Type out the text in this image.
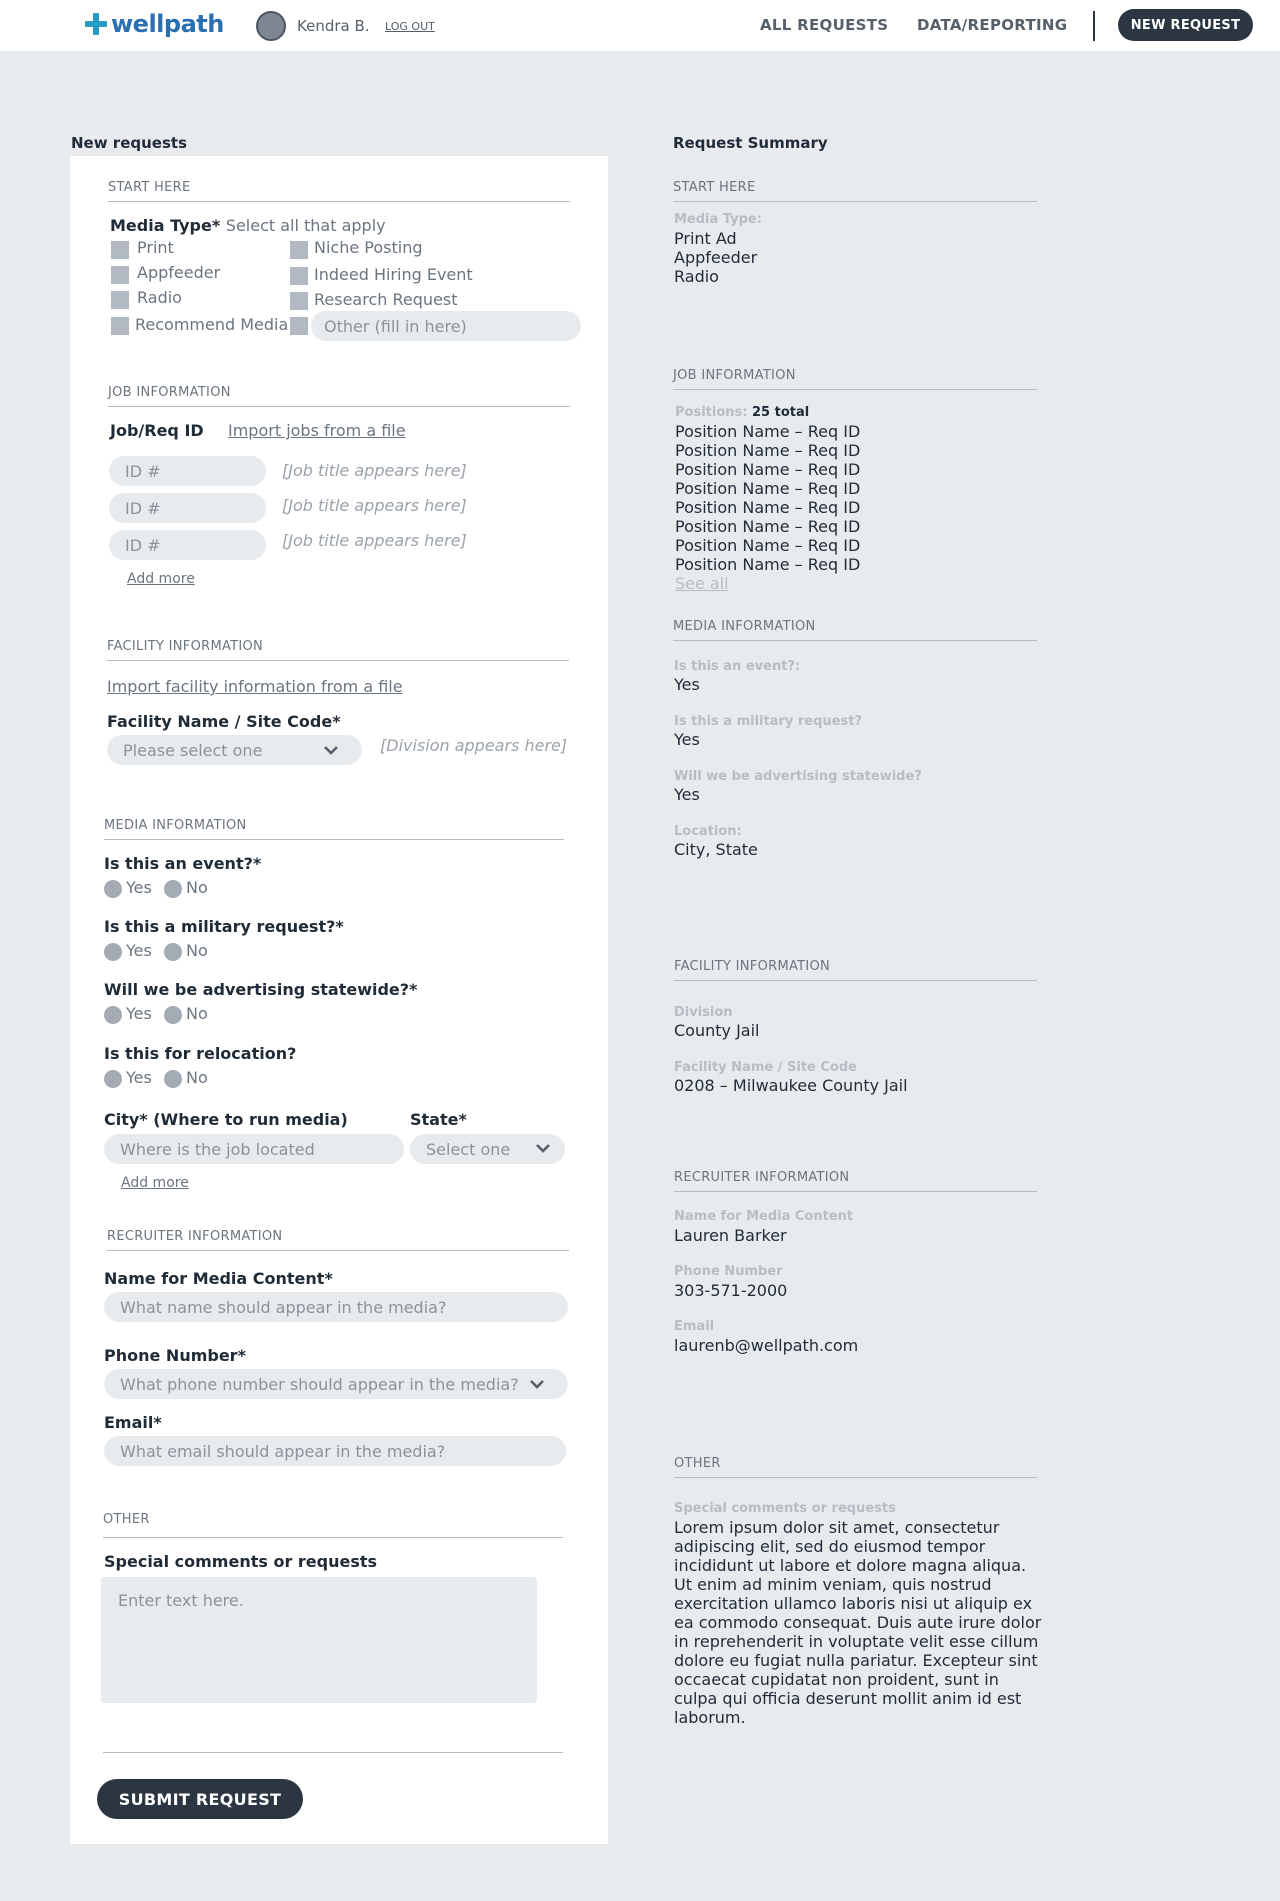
wellpath	Kendra B. LOG OUT	ALL REQUESTS DATA/REPORTING	NEW REQUEST
New requests
START HERE
Media Type* Select all that apply
Print
Appfeeder
Radio
Recommend Media
Niche Posting
Indeed Hiring Event
Research Request
Other (fill in here)
JOB INFORMATION
Job/Req ID Import jobs from a file
ID #	[Job title appears here]
ID #	[Job title appears here]
ID #	[Job title appears here]
Add more
FACILITY INFORMATION
Import facility information from a file
Facility Name / Site Code*
Please select one	[Division appears here]
MEDIA INFORMATION
Is this an event?*
Yes No
Is this a military request?*
Yes No
Will we be advertising statewide?*
Yes No
Is this for relocation?
Yes No
City* (Where to run media)	State*
Where is the job located	Select one
Add more
RECRUITER INFORMATION
Name for Media Content*
What name should appear in the media?
Phone Number*
What phone number should appear in the media?
Email*
What email should appear in the media?
OTHER
Special comments or requests
Enter text here.
SUBMIT REQUEST
Request Summary
START HERE
Media Type:
Print Ad
Appfeeder
Radio
JOB INFORMATION
Positions: 25 total
Position Name – Req ID
Position Name – Req ID
Position Name – Req ID
Position Name – Req ID
Position Name – Req ID
Position Name – Req ID
Position Name – Req ID
Position Name – Req ID
See all
MEDIA INFORMATION
Is this an event?:
Yes
Is this a military request?
Yes
Will we be advertising statewide?
Yes
Location:
City, State
FACILITY INFORMATION
Division
County Jail
Facility Name / Site Code
0208 – Milwaukee County Jail
RECRUITER INFORMATION
Name for Media Content
Lauren Barker
Phone Number
303-571-2000
Email
laurenb@wellpath.com
OTHER
Special comments or requests
Lorem ipsum dolor sit amet, consectetur adipiscing elit, sed do eiusmod tempor incididunt ut labore et dolore magna aliqua. Ut enim ad minim veniam, quis nostrud exercitation ullamco laboris nisi ut aliquip ex ea commodo consequat. Duis aute irure dolor in reprehenderit in voluptate velit esse cillum dolore eu fugiat nulla pariatur. Excepteur sint occaecat cupidatat non proident, sunt in culpa qui officia deserunt mollit anim id est laborum.
